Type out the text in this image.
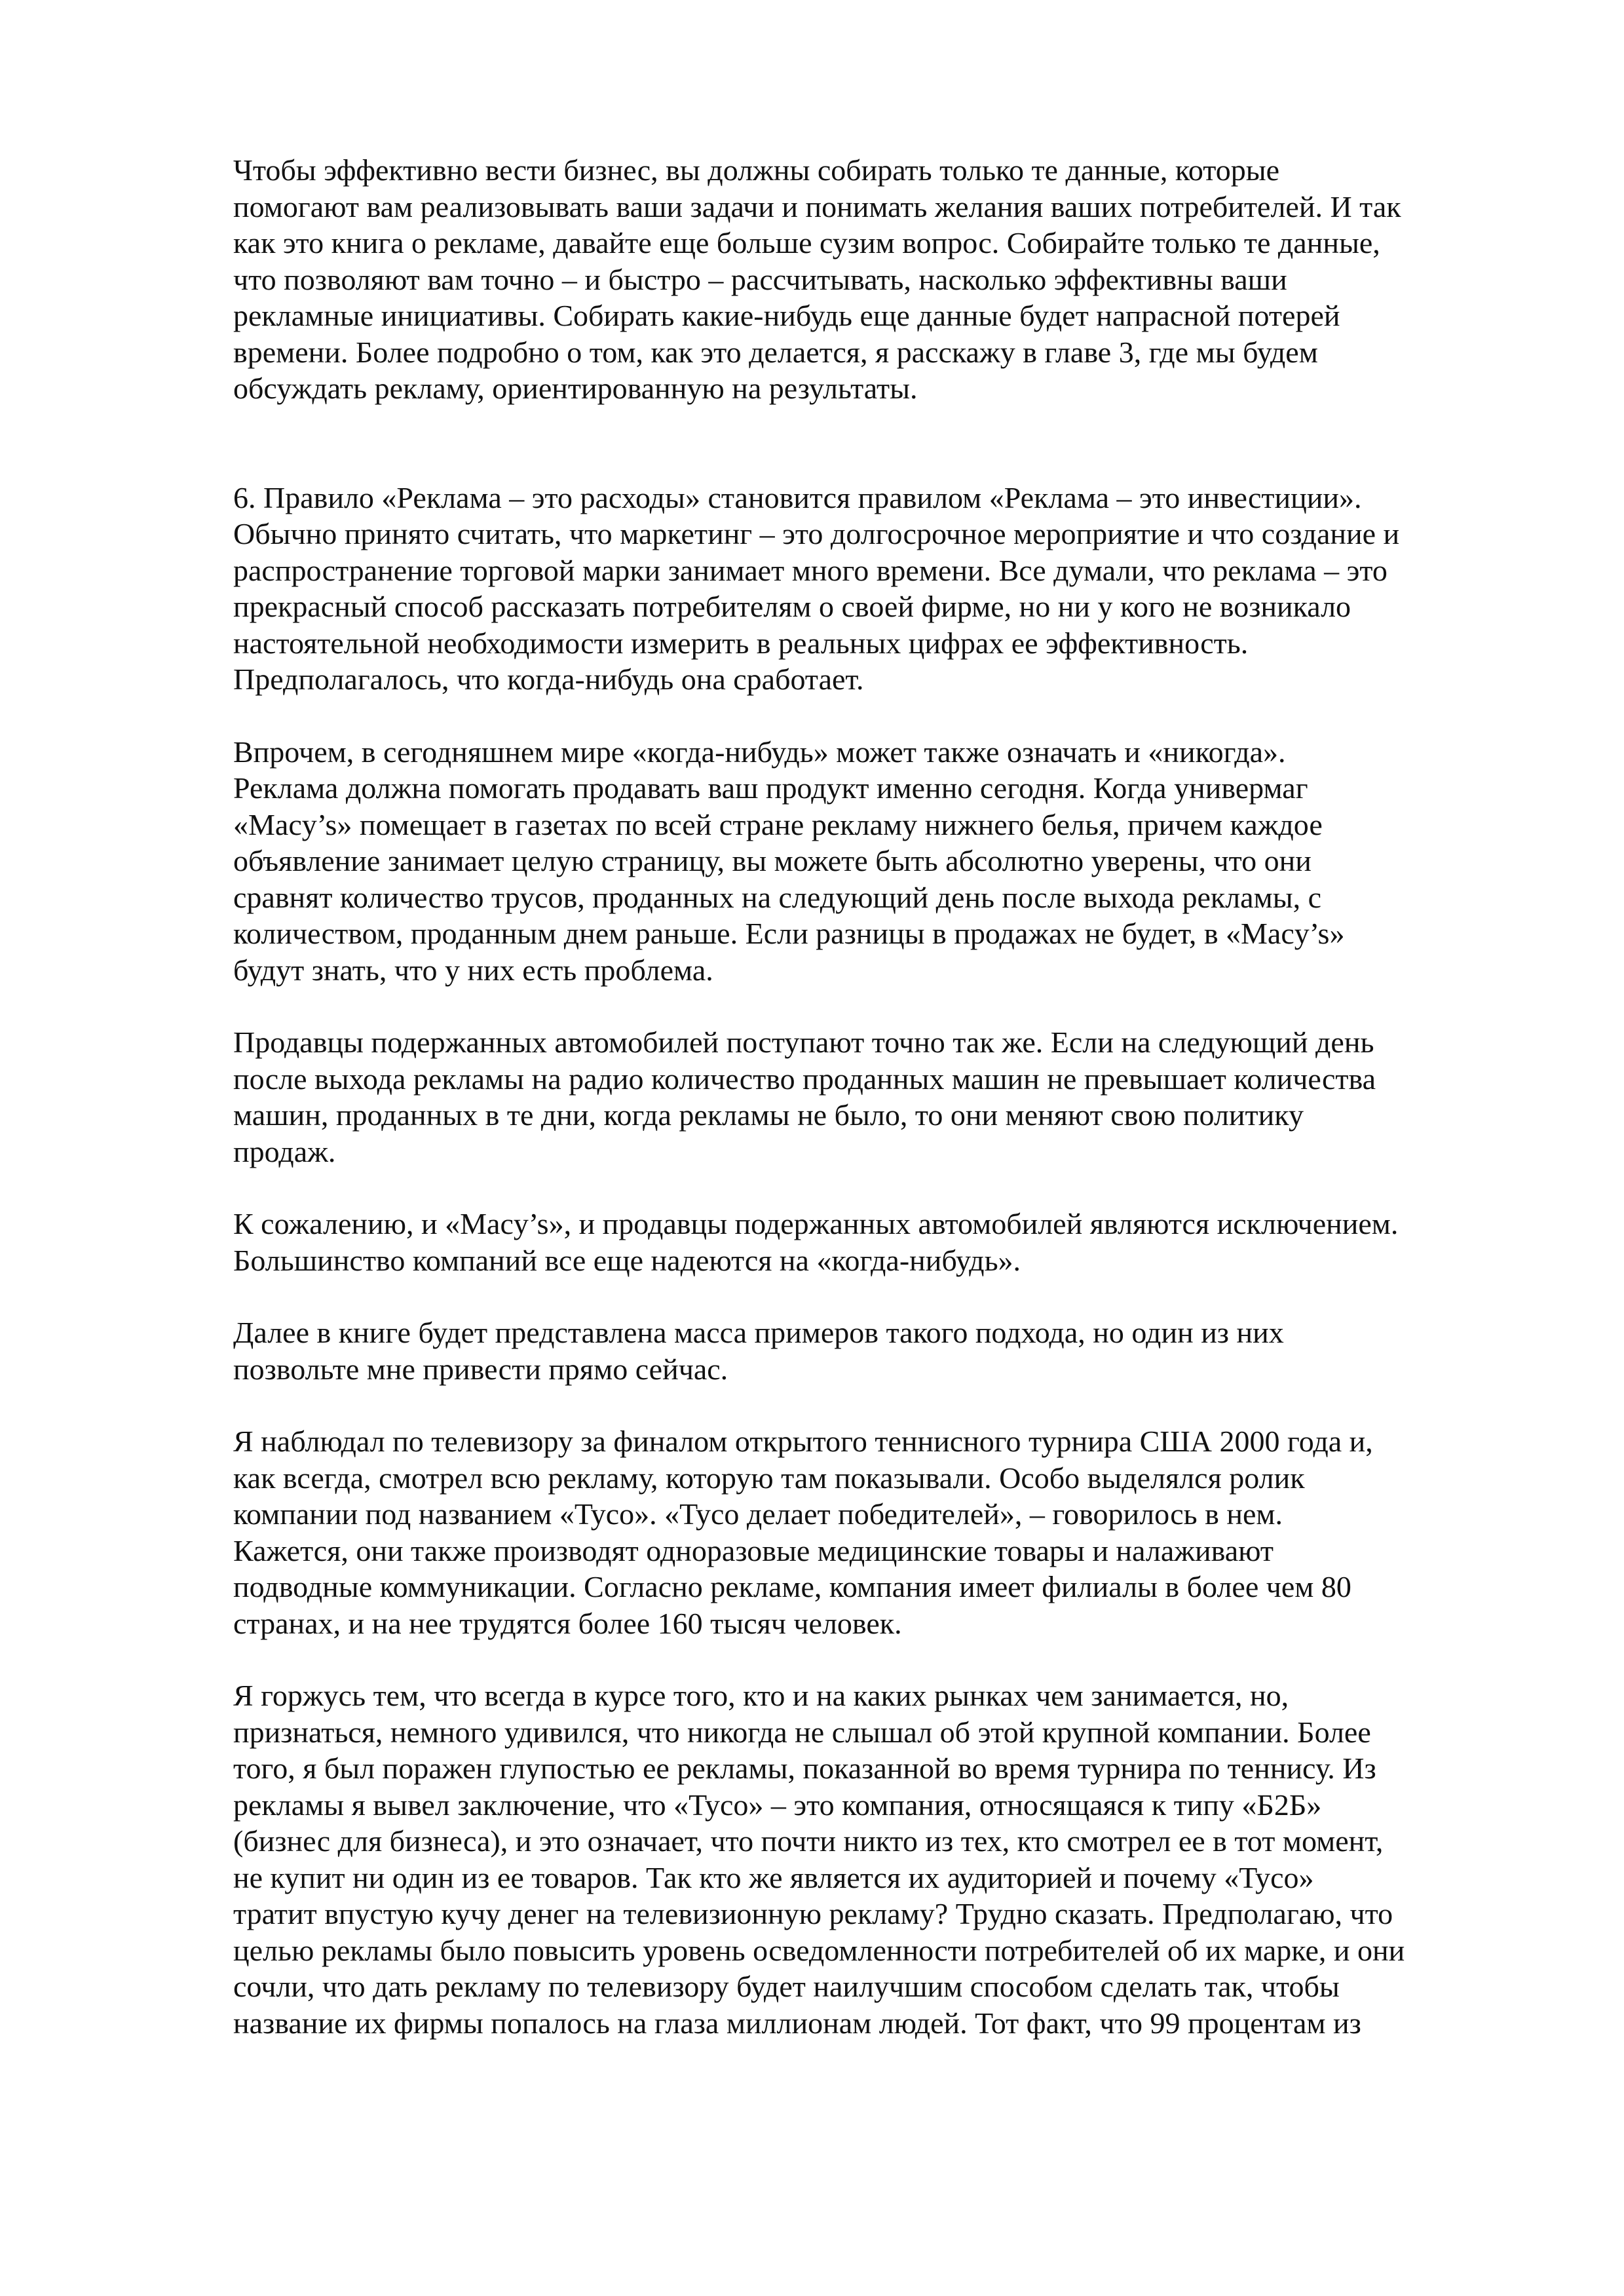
Чтобы эффективно вести бизнес, вы должны собирать только те данные, которые
помогают вам реализовывать ваши задачи и понимать желания ваших потребителей. И так
как это книга о рекламе, давайте еще больше сузим вопрос. Собирайте только те данные,
что позволяют вам точно – и быстро – рассчитывать, насколько эффективны ваши
рекламные инициативы. Собирать какие-нибудь еще данные будет напрасной потерей
времени. Более подробно о том, как это делается, я расскажу в главе 3, где мы будем
обсуждать рекламу, ориентированную на результаты.
6. Правило «Реклама – это расходы» становится правилом «Реклама – это инвестиции».
Обычно принято считать, что маркетинг – это долгосрочное мероприятие и что создание и
распространение торговой марки занимает много времени. Все думали, что реклама – это
прекрасный способ рассказать потребителям о своей фирме, но ни у кого не возникало
настоятельной необходимости измерить в реальных цифрах ее эффективность.
Предполагалось, что когда-нибудь она сработает.
Впрочем, в сегодняшнем мире «когда-нибудь» может также означать и «никогда».
Реклама должна помогать продавать ваш продукт именно сегодня. Когда универмаг
«Macy’s» помещает в газетах по всей стране рекламу нижнего белья, причем каждое
объявление занимает целую страницу, вы можете быть абсолютно уверены, что они
сравнят количество трусов, проданных на следующий день после выхода рекламы, с
количеством, проданным днем раньше. Если разницы в продажах не будет, в «Macy’s»
будут знать, что у них есть проблема.
Продавцы подержанных автомобилей поступают точно так же. Если на следующий день
после выхода рекламы на радио количество проданных машин не превышает количества
машин, проданных в те дни, когда рекламы не было, то они меняют свою политику
продаж.
К сожалению, и «Macy’s», и продавцы подержанных автомобилей являются исключением.
Большинство компаний все еще надеются на «когда-нибудь».
Далее в книге будет представлена масса примеров такого подхода, но один из них
позвольте мне привести прямо сейчас.
Я наблюдал по телевизору за финалом открытого теннисного турнира США 2000 года и,
как всегда, смотрел всю рекламу, которую там показывали. Особо выделялся ролик
компании под названием «Tyco». «Tyco делает победителей», – говорилось в нем.
Кажется, они также производят одноразовые медицинские товары и налаживают
подводные коммуникации. Согласно рекламе, компания имеет филиалы в более чем 80
странах, и на нее трудятся более 160 тысяч человек.
Я горжусь тем, что всегда в курсе того, кто и на каких рынках чем занимается, но,
признаться, немного удивился, что никогда не слышал об этой крупной компании. Более
того, я был поражен глупостью ее рекламы, показанной во время турнира по теннису. Из
рекламы я вывел заключение, что «Tyco» – это компания, относящаяся к типу «Б2Б»
(бизнес для бизнеса), и это означает, что почти никто из тех, кто смотрел ее в тот момент,
не купит ни один из ее товаров. Так кто же является их аудиторией и почему «Tyco»
тратит впустую кучу денег на телевизионную рекламу? Трудно сказать. Предполагаю, что
целью рекламы было повысить уровень осведомленности потребителей об их марке, и они
сочли, что дать рекламу по телевизору будет наилучшим способом сделать так, чтобы
название их фирмы попалось на глаза миллионам людей. Тот факт, что 99 процентам из
